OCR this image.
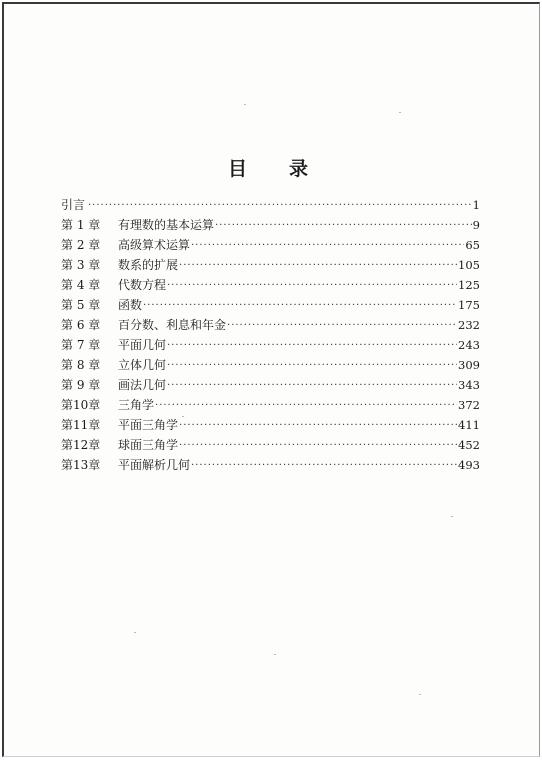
目 录
引言 ·····	1
第 1 章	有理数的基本运算 ·····	9
第 2 章	高级算术运算 ·····	65
第 3 章	数系的扩展 ·····	105
第 4 章	代数方程 ·····	125
第 5 章	函数 ·····	175
第 6 章	百分数、利息和年金 ·····	232
第 7 章	平面几何 ·····	243
第 8 章	立体几何 ·····	309
第 9 章	画法几何 ·····	343
第10章	三角学 ·····	372
第11章	平面三角学 ·····	411
第12章	球面三角学 ·····	452
第13章	平面解析几何 ·····	493
